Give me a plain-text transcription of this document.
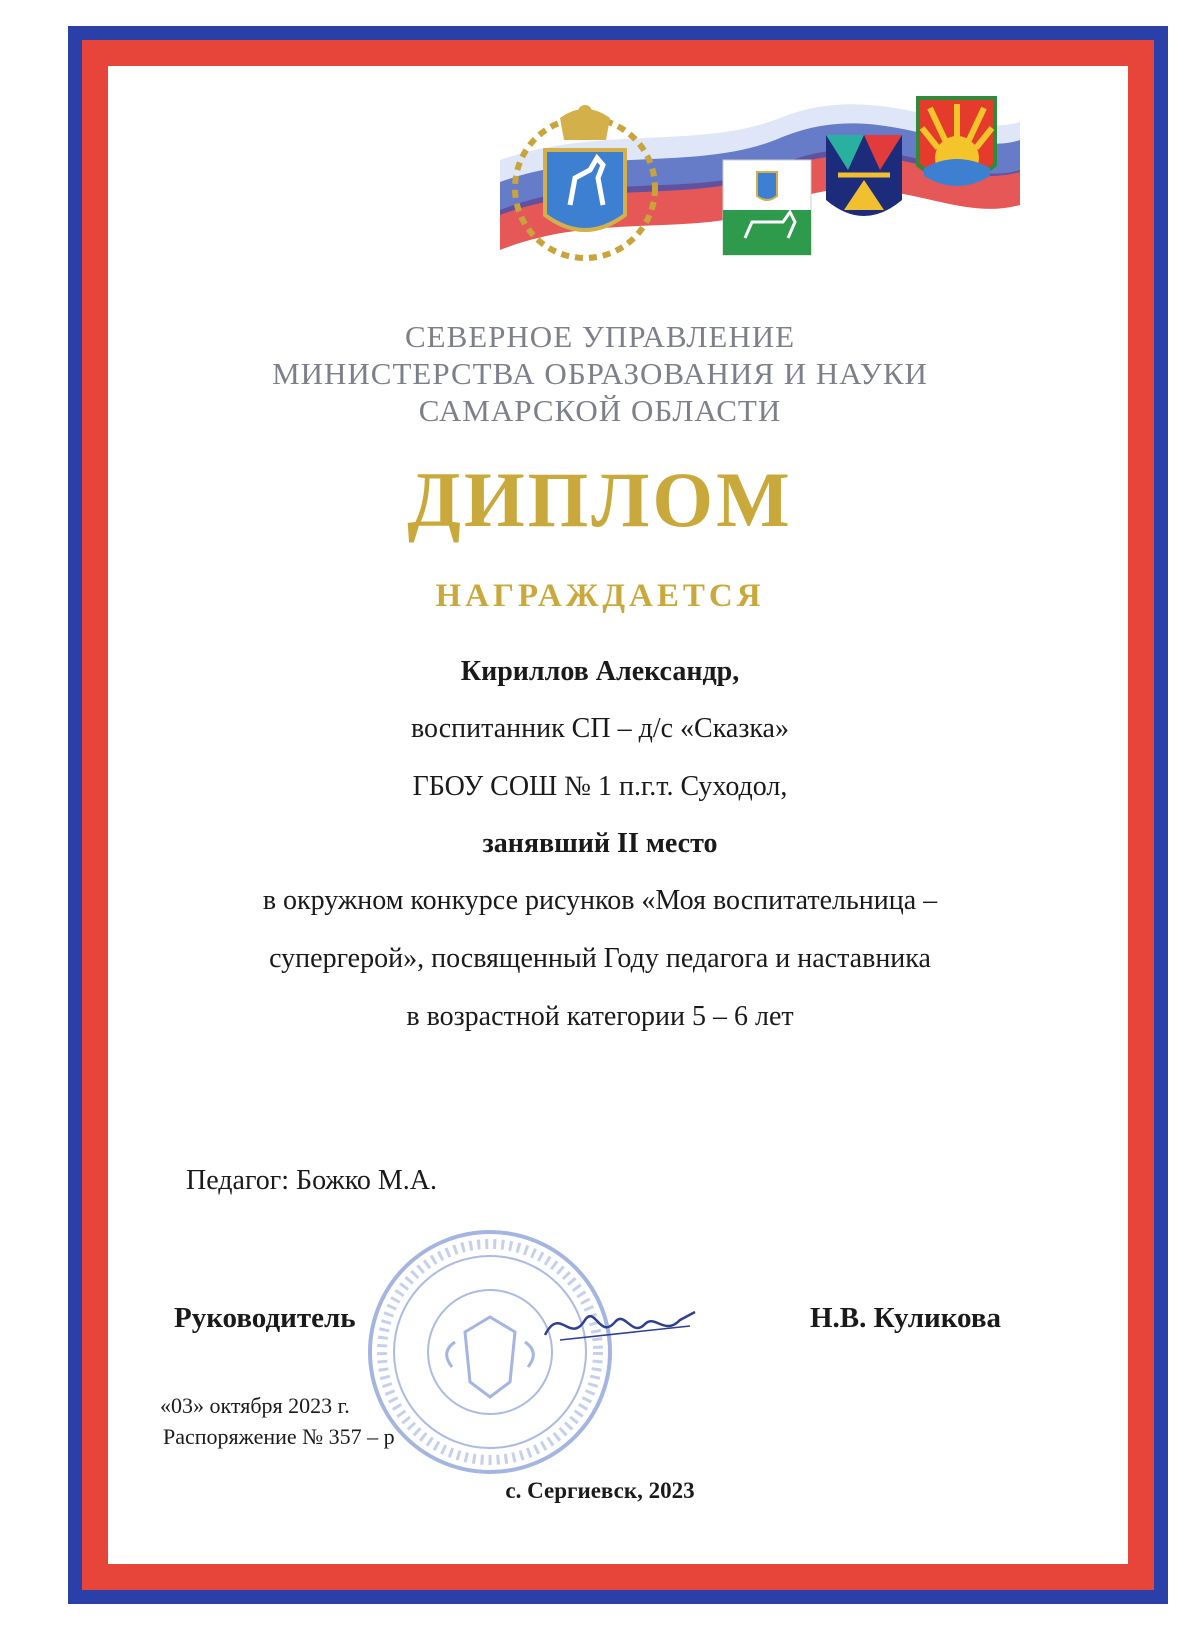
СЕВЕРНОЕ УПРАВЛЕНИЕ
МИНИСТЕРСТВА ОБРАЗОВАНИЯ И НАУКИ
САМАРСКОЙ ОБЛАСТИ
ДИПЛОМ
НАГРАЖДАЕТСЯ
Кириллов Александр,
воспитанник СП – д/с «Сказка»
ГБОУ СОШ № 1 п.г.т. Суходол,
занявший II место
в окружном конкурсе рисунков «Моя воспитательница –
супергерой», посвященный Году педагога и наставника
в возрастной категории 5 – 6 лет
Педагог: Божко М.А.
Руководитель	Н.В. Куликова
«03» октября 2023 г.
Распоряжение № 357 – р
с. Сергиевск, 2023
